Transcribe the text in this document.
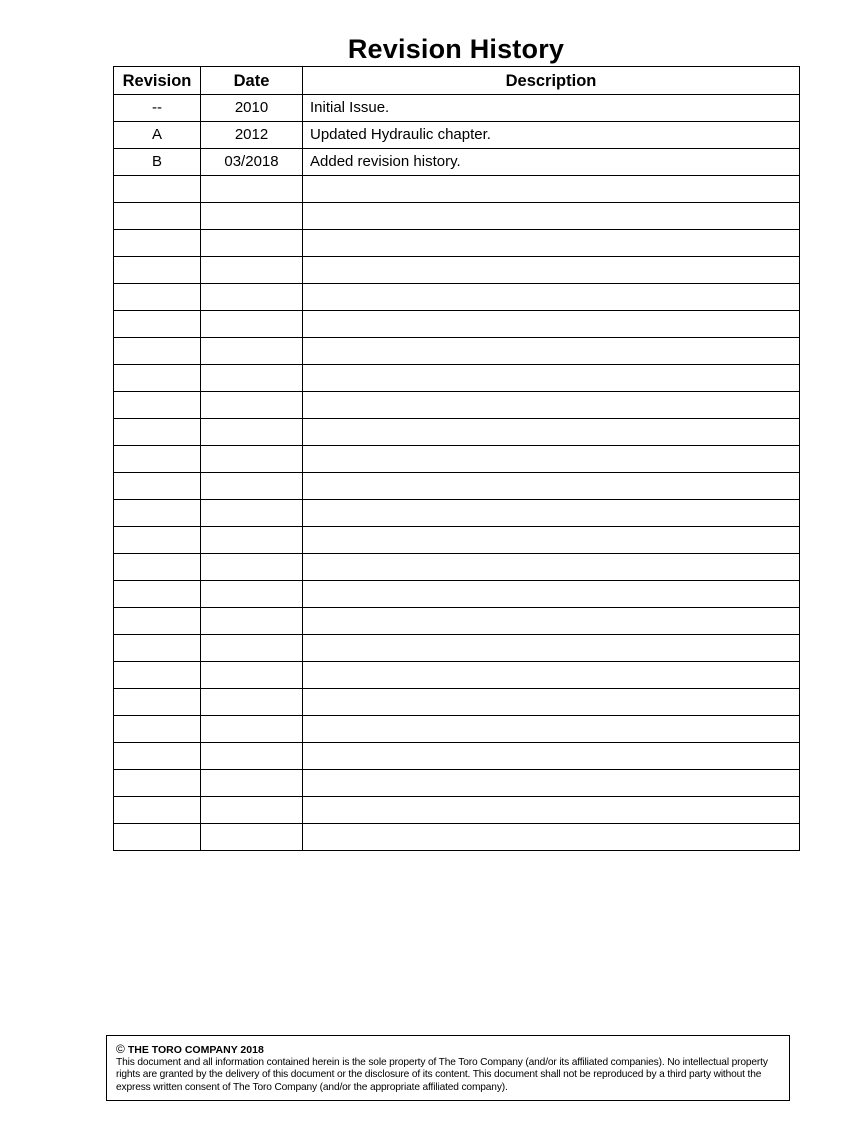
Revision History
Revision	Date	Description
--	2010	Initial Issue.
A	2012	Updated Hydraulic chapter.
B	03/2018	Added revision history.

© THE TORO COMPANY 2018
This document and all information contained herein is the sole property of The Toro Company (and/or its affiliated companies). No intellectual property rights are granted by the delivery of this document or the disclosure of its content. This document shall not be reproduced by a third party without the express written consent of The Toro Company (and/or the appropriate affiliated company).
